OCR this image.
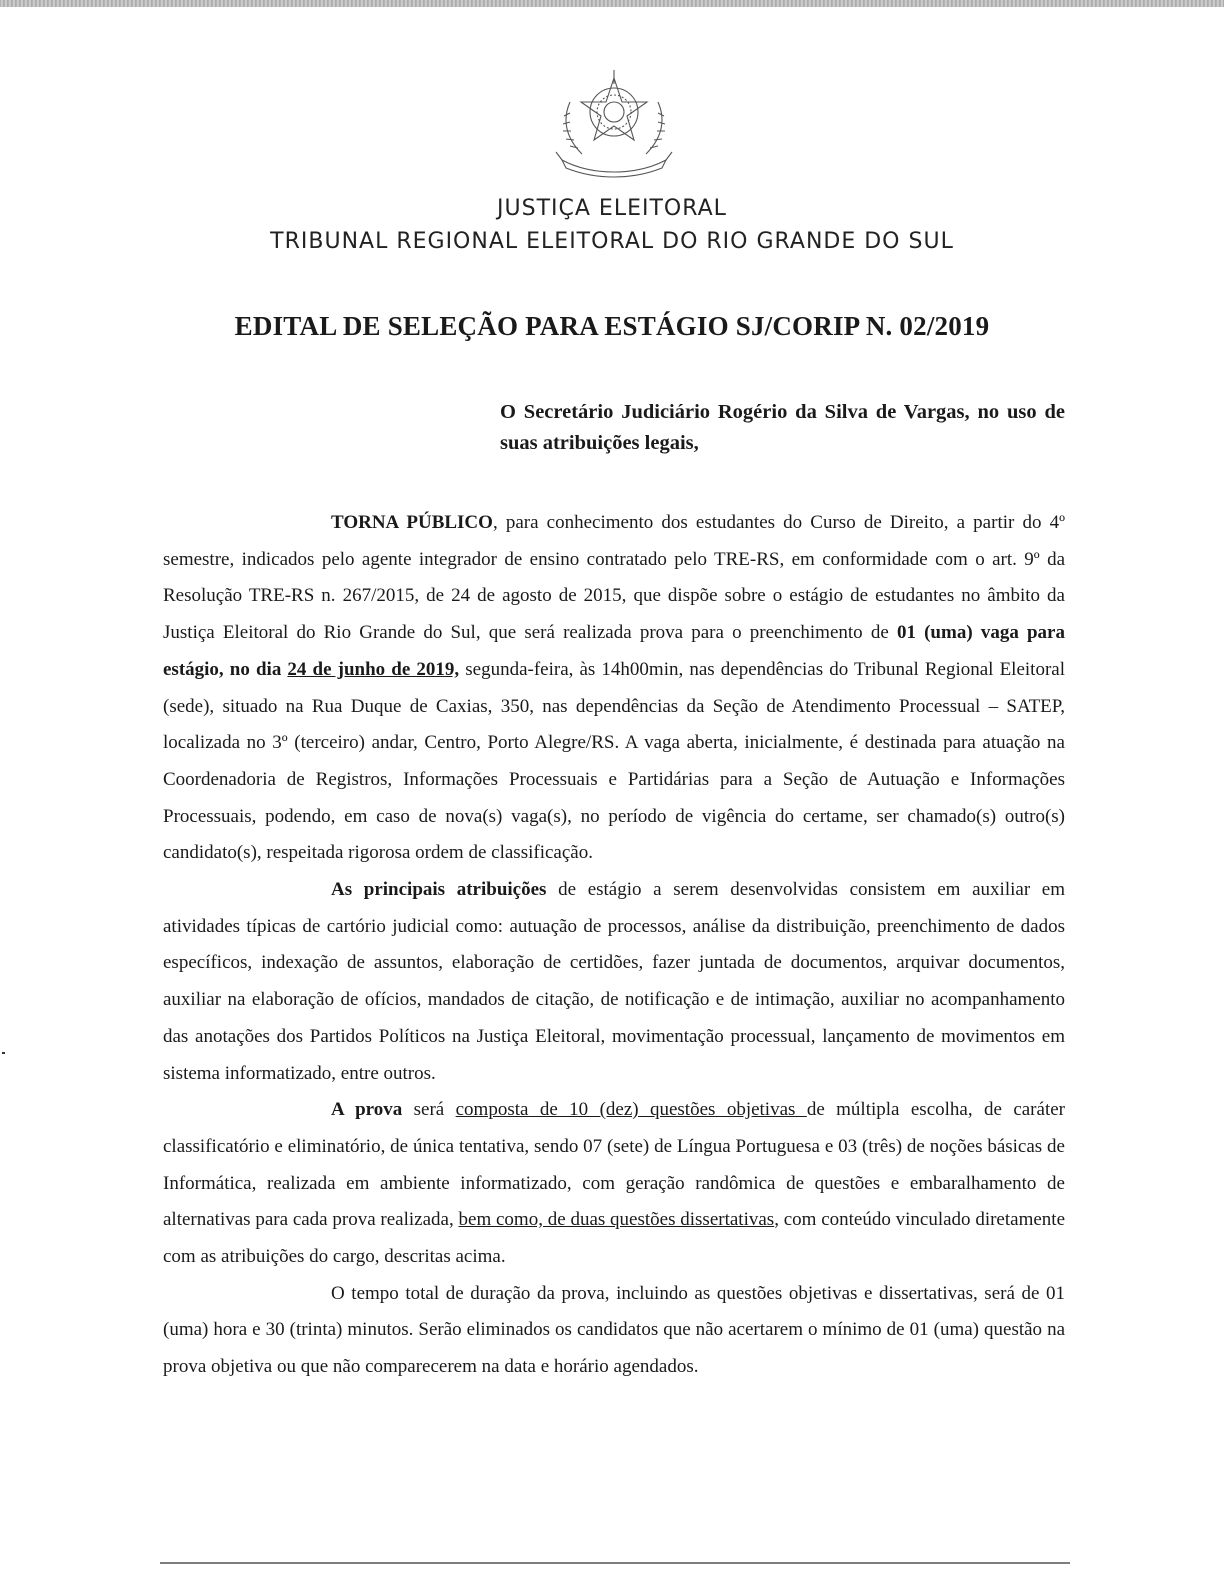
JUSTIÇA ELEITORAL
TRIBUNAL REGIONAL ELEITORAL DO RIO GRANDE DO SUL
EDITAL DE SELEÇÃO PARA ESTÁGIO SJ/CORIP N. 02/2019
O Secretário Judiciário Rogério da Silva de Vargas, no uso de suas atribuições legais,

TORNA PÚBLICO, para conhecimento dos estudantes do Curso de Direito, a partir do 4º semestre, indicados pelo agente integrador de ensino contratado pelo TRE-RS, em conformidade com o art. 9º da Resolução TRE-RS n. 267/2015, de 24 de agosto de 2015, que dispõe sobre o estágio de estudantes no âmbito da Justiça Eleitoral do Rio Grande do Sul, que será realizada prova para o preenchimento de 01 (uma) vaga para estágio, no dia 24 de junho de 2019, segunda-feira, às 14h00min, nas dependências do Tribunal Regional Eleitoral (sede), situado na Rua Duque de Caxias, 350, nas dependências da Seção de Atendimento Processual – SATEP, localizada no 3º (terceiro) andar, Centro, Porto Alegre/RS. A vaga aberta, inicialmente, é destinada para atuação na Coordenadoria de Registros, Informações Processuais e Partidárias para a Seção de Autuação e Informações Processuais, podendo, em caso de nova(s) vaga(s), no período de vigência do certame, ser chamado(s) outro(s) candidato(s), respeitada rigorosa ordem de classificação.

As principais atribuições de estágio a serem desenvolvidas consistem em auxiliar em atividades típicas de cartório judicial como: autuação de processos, análise da distribuição, preenchimento de dados específicos, indexação de assuntos, elaboração de certidões, fazer juntada de documentos, arquivar documentos, auxiliar na elaboração de ofícios, mandados de citação, de notificação e de intimação, auxiliar no acompanhamento das anotações dos Partidos Políticos na Justiça Eleitoral, movimentação processual, lançamento de movimentos em sistema informatizado, entre outros.

A prova será composta de 10 (dez) questões objetivas de múltipla escolha, de caráter classificatório e eliminatório, de única tentativa, sendo 07 (sete) de Língua Portuguesa e 03 (três) de noções básicas de Informática, realizada em ambiente informatizado, com geração randômica de questões e embaralhamento de alternativas para cada prova realizada, bem como, de duas questões dissertativas, com conteúdo vinculado diretamente com as atribuições do cargo, descritas acima.

O tempo total de duração da prova, incluindo as questões objetivas e dissertativas, será de 01 (uma) hora e 30 (trinta) minutos. Serão eliminados os candidatos que não acertarem o mínimo de 01 (uma) questão na prova objetiva ou que não comparecerem na data e horário agendados.
